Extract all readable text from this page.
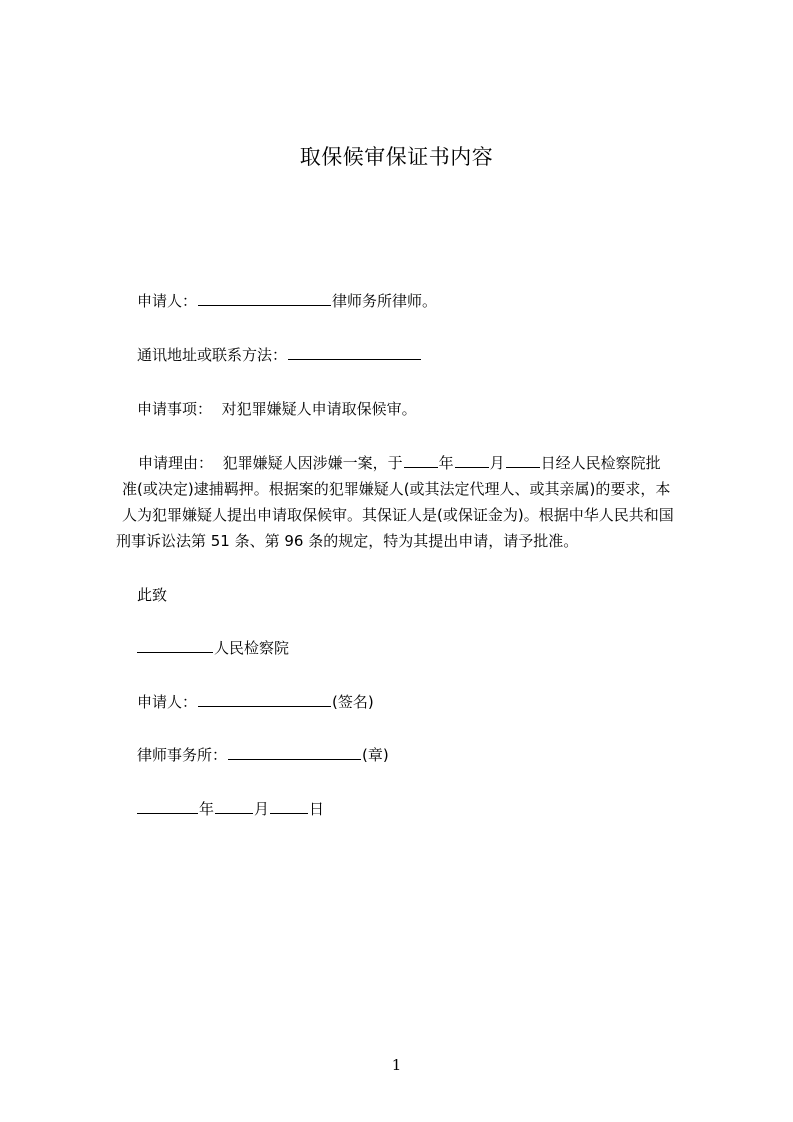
取保候审保证书内容
申请人：	律师务所律师。
通讯地址或联系方法：
申请事项： 对犯罪嫌疑人申请取保候审。
申请理由： 犯罪嫌疑人因涉嫌一案，于 年 月 日经人民检察院批
准(或决定)逮捕羁押。根据案的犯罪嫌疑人(或其法定代理人、或其亲属)的要求，本
人为犯罪嫌疑人提出申请取保候审。其保证人是(或保证金为)。根据中华人民共和国
刑事诉讼法第 51 条、第 96 条的规定，特为其提出申请，请予批准。
此致
人民检察院
申请人：	(签名)
律师事务所：	(章)
年	月	日
1
